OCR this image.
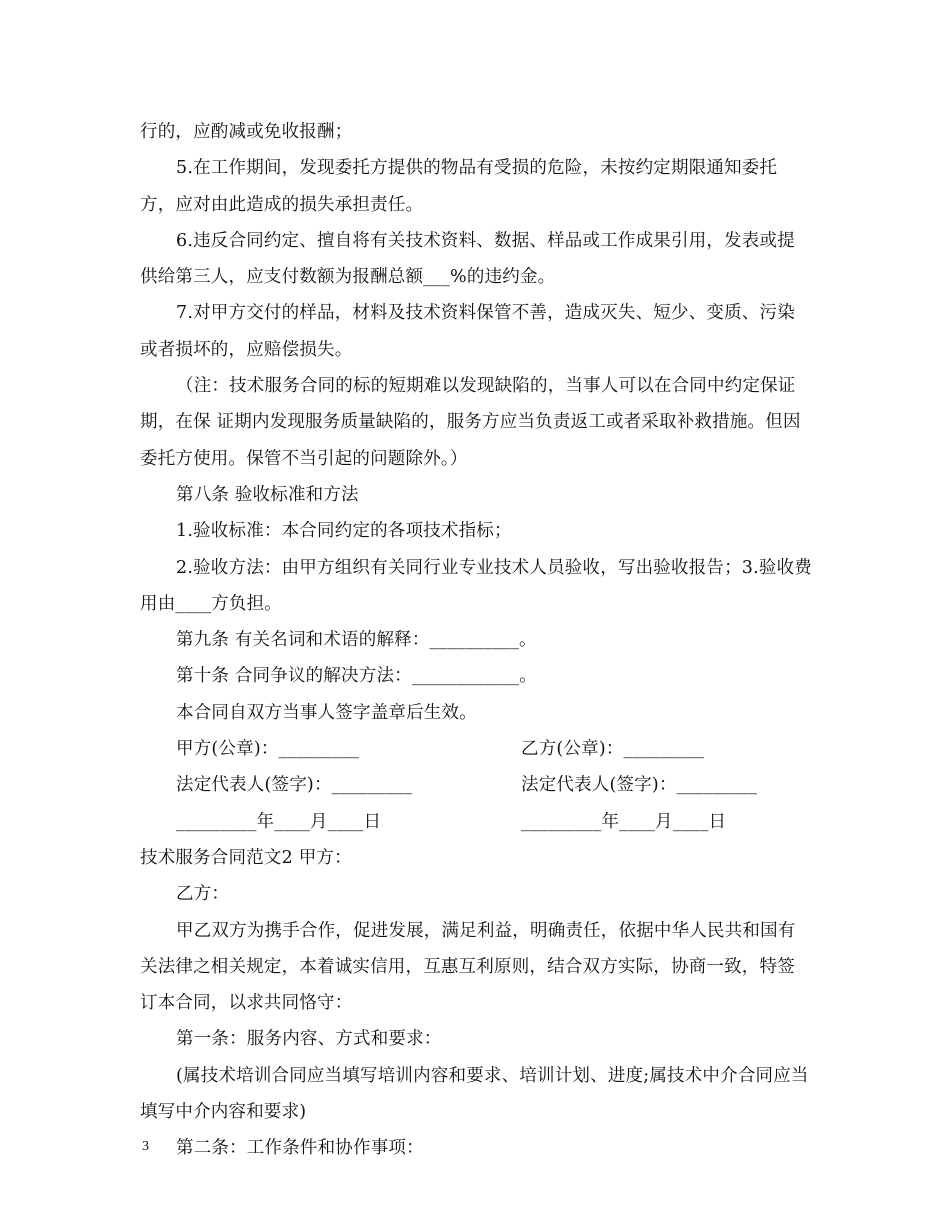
行的，应酌减或免收报酬；

5.在工作期间，发现委托方提供的物品有受损的危险，未按约定期限通知委托方，应对由此造成的损失承担责任。

6.违反合同约定、擅自将有关技术资料、数据、样品或工作成果引用，发表或提供给第三人，应支付数额为报酬总额___%的违约金。

7.对甲方交付的样品，材料及技术资料保管不善，造成灭失、短少、变质、污染或者损坏的，应赔偿损失。

（注：技术服务合同的标的短期难以发现缺陷的，当事人可以在合同中约定保证期，在保 证期内发现服务质量缺陷的，服务方应当负责返工或者采取补救措施。但因委托方使用。保管不当引起的问题除外。）

第八条 验收标准和方法

1.验收标准：本合同约定的各项技术指标；

2.验收方法：由甲方组织有关同行业专业技术人员验收，写出验收报告；3.验收费用由____方负担。

第九条 有关名词和术语的解释：__________。

第十条 合同争议的解决方法：____________。

本合同自双方当事人签字盖章后生效。

甲方(公章)：_________	乙方(公章)：_________
法定代表人(签字)：_________	法定代表人(签字)：_________
_________年____月____日	_________年____月____日

技术服务合同范文2 甲方：

乙方：

甲乙双方为携手合作，促进发展，满足利益，明确责任，依据中华人民共和国有关法律之相关规定，本着诚实信用，互惠互利原则，结合双方实际，协商一致，特签订本合同，以求共同恪守：

第一条：服务内容、方式和要求：

(属技术培训合同应当填写培训内容和要求、培训计划、进度;属技术中介合同应当填写中介内容和要求)

第二条：工作条件和协作事项：

3
